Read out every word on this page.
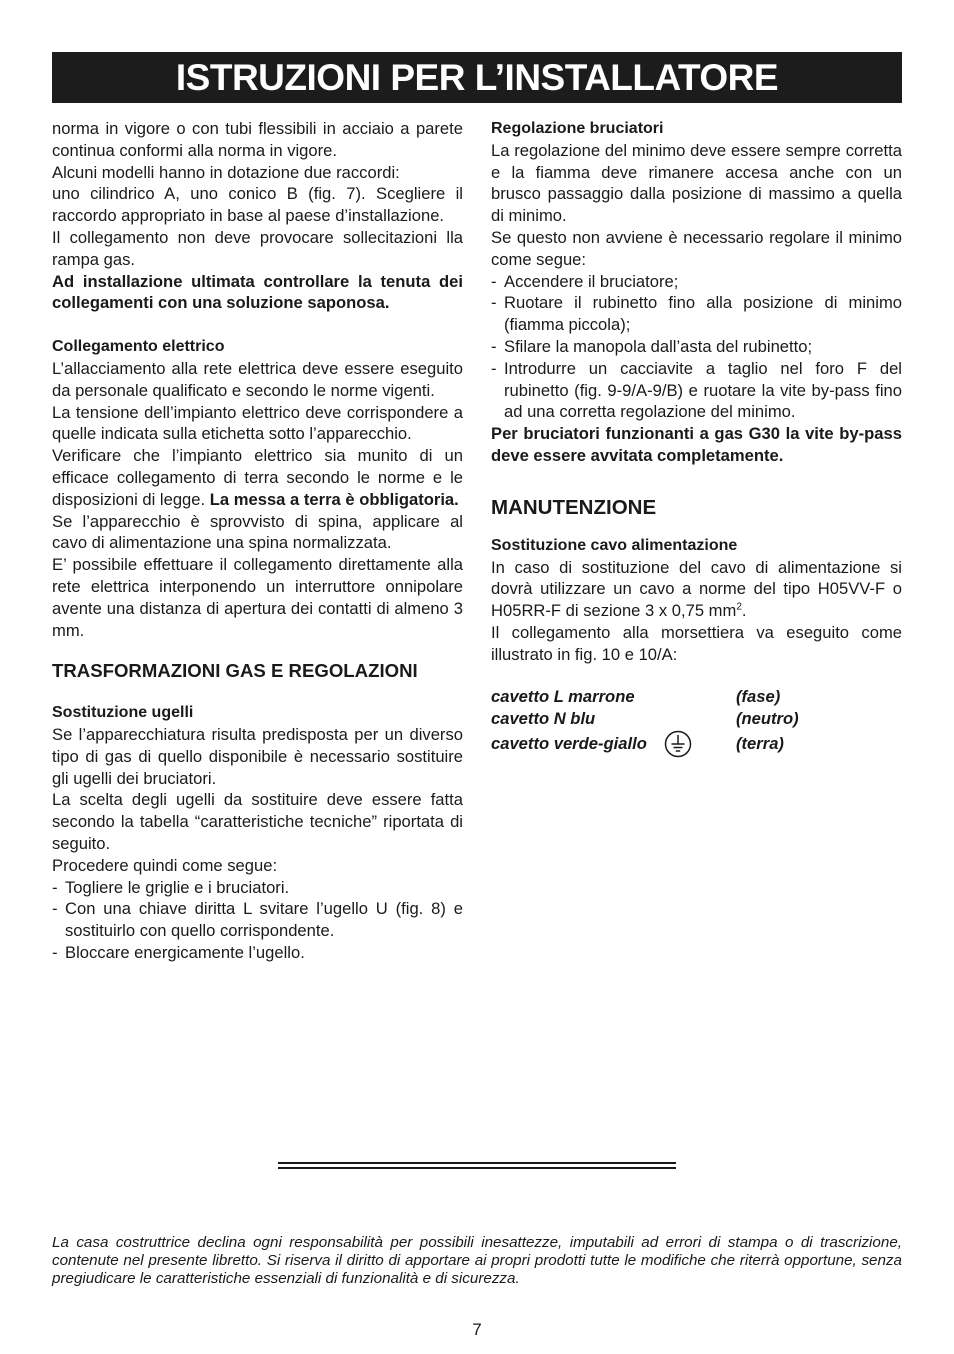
ISTRUZIONI PER L’INSTALLATORE

norma in vigore o con tubi flessibili in acciaio a parete continua conformi alla norma in vigore.

Alcuni modelli hanno in dotazione due raccordi:

uno cilindrico A, uno conico B (fig. 7). Scegliere il raccordo appropriato in base al paese d’installazione.

Il collegamento non deve provocare sollecitazioni lla rampa gas.

Ad installazione ultimata controllare la tenuta dei collegamenti con una soluzione saponosa.

Collegamento elettrico

L’allacciamento alla rete elettrica deve essere eseguito da personale qualificato e secondo le norme vigenti.

La tensione dell’impianto elettrico deve corrispondere a quelle indicata sulla etichetta sotto l’apparecchio.

Verificare che l’impianto elettrico sia munito di un efficace collegamento di terra secondo le norme e le disposizioni di legge. La messa a terra è obbligatoria.

Se l’apparecchio è sprovvisto di spina, applicare al cavo di alimentazione una spina normalizzata.

E’ possibile effettuare il collegamento direttamente alla rete elettrica interponendo un interruttore onnipolare avente una distanza di apertura dei contatti di almeno 3 mm.

TRASFORMAZIONI GAS E REGOLAZIONI

Sostituzione ugelli

Se l’apparecchiatura risulta predisposta per un diverso tipo di gas di quello disponibile è necessario sostituire gli ugelli dei bruciatori.

La scelta degli ugelli da sostituire deve essere fatta secondo la tabella “caratteristiche tecniche” riportata di seguito.

Procedere quindi come segue:

- Togliere le griglie e i bruciatori.
- Con una chiave diritta L svitare l’ugello U (fig. 8) e sostituirlo con quello corrispondente.
- Bloccare energicamente l’ugello.

Regolazione bruciatori

La regolazione del minimo deve essere sempre corretta e la fiamma deve rimanere accesa anche con un brusco passaggio dalla posizione di massimo a quella di minimo.

Se questo non avviene è necessario regolare il minimo come segue:

- Accendere il bruciatore;
- Ruotare il rubinetto fino alla posizione di minimo (fiamma piccola);
- Sfilare la manopola dall’asta del rubinetto;
- Introdurre un cacciavite a taglio nel foro F del rubinetto (fig. 9-9/A-9/B) e ruotare la vite by-pass fino ad una corretta regolazione del minimo.

Per bruciatori funzionanti a gas G30 la vite by-pass deve essere avvitata completamente.

MANUTENZIONE

Sostituzione cavo alimentazione

In caso di sostituzione del cavo di alimentazione si dovrà utilizzare un cavo a norme del tipo H05VV-F o H05RR-F di sezione 3 x 0,75 $mm^2$.

Il collegamento alla morsettiera va eseguito come illustrato in fig. 10 e 10/A:

cavetto L marrone	(fase)
cavetto N blu	(neutro)
cavetto verde-giallo	(terra)

La casa costruttrice declina ogni responsabilità per possibili inesattezze, imputabili ad errori di stampa o di trascrizione, contenute nel presente libretto. Si riserva il diritto di apportare ai propri prodotti tutte le modifiche che riterrà opportune, senza pregiudicare le caratteristiche essenziali di funzionalità e di sicurezza.

7
